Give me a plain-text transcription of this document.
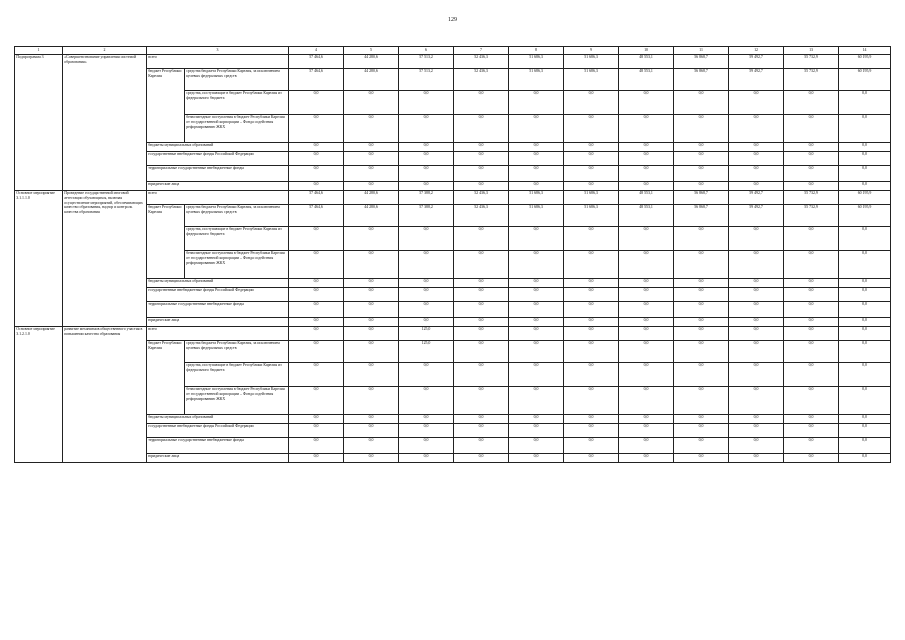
129
1	2	3		4	5	6	7	8	9	10	11	12	13	14
Подпрограмма 3	«Совершенствование управления системой образования»	всего		57 464,6	44 280,6	57 513,2	52 436,3	51 686,3	51 686,3	48 553,1	56 868,7	59 492,7	55 732,9	60 195,9
		бюджет Республики Карелия	средства бюджета Республики Карелия, за исключением целевых федеральных средств	57 464,6	44 280,6	57 513,2	52 436,3	51 686,3	51 686,3	48 553,1	56 868,7	59 492,7	55 732,9	60 195,9
			средства, поступающие в бюджет Республики Карелия из федерального бюджета	0,0	0,0	0,0	0,0	0,0	0,0	0,0	0,0	0,0	0,0	0,0
			безвозмездные поступления в бюджет Республики Карелия от государственной корпорации – Фонда содействия реформированию ЖКХ	0,0	0,0	0,0	0,0	0,0	0,0	0,0	0,0	0,0	0,0	0,0
		бюджеты муниципальных образований		0,0	0,0	0,0	0,0	0,0	0,0	0,0	0,0	0,0	0,0	0,0
		государственные внебюджетные фонды Российской Федерации		0,0	0,0	0,0	0,0	0,0	0,0	0,0	0,0	0,0	0,0	0,0
		территориальные государственные внебюджетные фонды		0,0	0,0	0,0	0,0	0,0	0,0	0,0	0,0	0,0	0,0	0,0
		юридические лица		0,0	0,0	0,0	0,0	0,0	0,0	0,0	0,0	0,0	0,0	0,0
Основное мероприятие 3.1.1.1.0	Проведение государственной итоговой аттестации обучающихся, включая осуществление мероприятий, обеспечивающих качество образования, надзор и контроль качества образования	всего		57 464,6	44 280,6	57 388,2	52 436,3	51 686,3	51 686,3	48 553,1	56 868,7	59 492,7	55 732,9	60 195,9
		бюджет Республики Карелия	средства бюджета Республики Карелия, за исключением целевых федеральных средств	57 464,6	44 280,6	57 388,2	52 436,3	51 686,3	51 686,3	48 553,1	56 868,7	59 492,7	55 732,9	60 195,9
			средства, поступающие в бюджет Республики Карелия из федерального бюджета	0,0	0,0	0,0	0,0	0,0	0,0	0,0	0,0	0,0	0,0	0,0
			безвозмездные поступления в бюджет Республики Карелия от государственной корпорации – Фонда содействия реформированию ЖКХ	0,0	0,0	0,0	0,0	0,0	0,0	0,0	0,0	0,0	0,0	0,0
		бюджеты муниципальных образований		0,0	0,0	0,0	0,0	0,0	0,0	0,0	0,0	0,0	0,0	0,0
		государственные внебюджетные фонды Российской Федерации		0,0	0,0	0,0	0,0	0,0	0,0	0,0	0,0	0,0	0,0	0,0
		территориальные государственные внебюджетные фонды		0,0	0,0	0,0	0,0	0,0	0,0	0,0	0,0	0,0	0,0	0,0
		юридические лица		0,0	0,0	0,0	0,0	0,0	0,0	0,0	0,0	0,0	0,0	0,0
Основное мероприятие 3.1.2.1.0	развитие механизмов общественного участия в повышении качества образования	всего		0,0	0,0	125,0	0,0	0,0	0,0	0,0	0,0	0,0	0,0	0,0
		бюджет Республики Карелия	средства бюджета Республики Карелия, за исключением целевых федеральных средств	0,0	0,0	125,0	0,0	0,0	0,0	0,0	0,0	0,0	0,0	0,0
			средства, поступающие в бюджет Республики Карелия из федерального бюджета	0,0	0,0	0,0	0,0	0,0	0,0	0,0	0,0	0,0	0,0	0,0
			безвозмездные поступления в бюджет Республики Карелия от государственной корпорации – Фонда содействия реформированию ЖКХ	0,0	0,0	0,0	0,0	0,0	0,0	0,0	0,0	0,0	0,0	0,0
		бюджеты муниципальных образований		0,0	0,0	0,0	0,0	0,0	0,0	0,0	0,0	0,0	0,0	0,0
		государственные внебюджетные фонды Российской Федерации		0,0	0,0	0,0	0,0	0,0	0,0	0,0	0,0	0,0	0,0	0,0
		территориальные государственные внебюджетные фонды		0,0	0,0	0,0	0,0	0,0	0,0	0,0	0,0	0,0	0,0	0,0
		юридические лица		0,0	0,0	0,0	0,0	0,0	0,0	0,0	0,0	0,0	0,0	0,0
